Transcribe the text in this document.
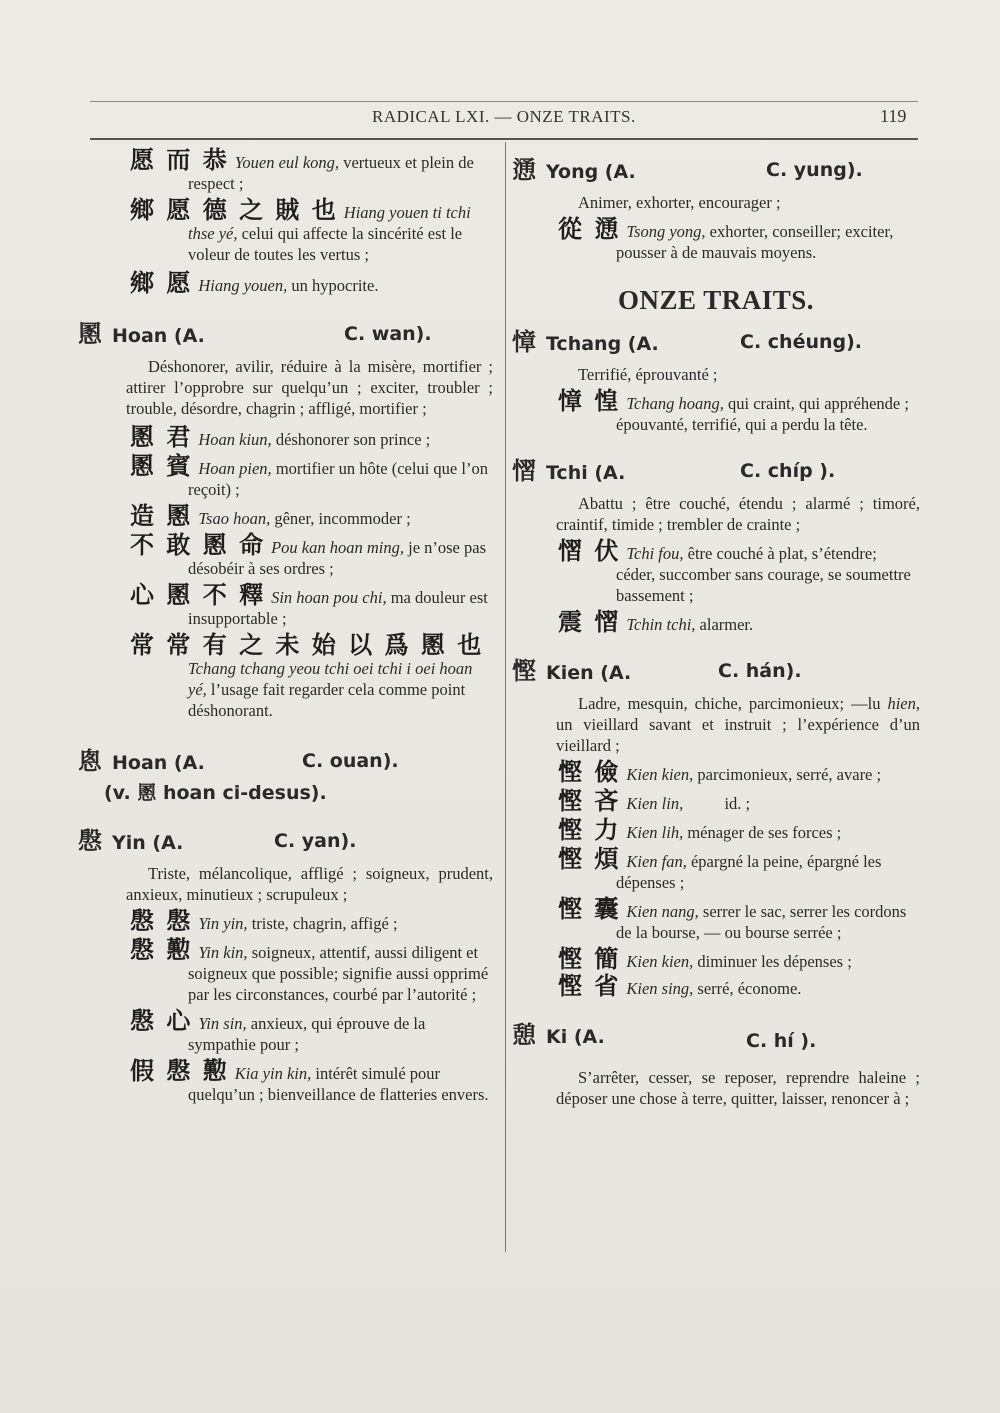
RADICAL LXI. — ONZE TRAITS.	119

愿 而 恭 Youen eul kong, vertueux et plein de respect ;

鄉 愿 德 之 賊 也 Hiang youen ti tchi thse yé, celui qui affecte la sincérité est le voleur de toutes les vertus ;

鄉 愿 Hiang youen, un hypocrite.

慁 Hoan (A.	C. wan).

Déshonorer, avilir, réduire à la misère, mortifier ; attirer l’opprobre sur quelqu’un ; exciter, troubler ; trouble, désordre, chagrin ; affligé, mortifier ;

慁 君 Hoan kiun, déshonorer son prince ;

慁 賓 Hoan pien, mortifier un hôte (celui que l’on reçoit) ;

造 慁 Tsao hoan, gêner, incommoder ;

不 敢 慁 命 Pou kan hoan ming, je n’ose pas désobéir à ses ordres ;

心 慁 不 釋 Sin hoan pou chi, ma douleur est insupportable ;

常 常 有 之 未 始 以 爲 慁 也Tchang tchang yeou tchi oei tchi i oei hoan yé, l’usage fait regarder cela comme point déshonorant.

悤 Hoan (A.	C. ouan).
(v. 慁 hoan ci-desus).
慇 Yin (A.	C. yan).

Triste, mélancolique, affligé ; soigneux, prudent, anxieux, minutieux ; scrupuleux ;

慇 慇 Yin yin, triste, chagrin, affigé ;

慇 懃 Yin kin, soigneux, attentif, aussi diligent et soigneux que possible; signifie aussi opprimé par les circonstances, courbé par l’autorité ;

慇 心 Yin sin, anxieux, qui éprouve de la sympathie pour ;

假 慇 懃 Kia yin kin, intérêt simulé pour quelqu’un ; bienveillance de flatteries envers.

慂 Yong (A.	C. yung).

Animer, exhorter, encourager ;

從 慂 Tsong yong, exhorter, conseiller; exciter, pousser à de mauvais moyens.

ONZE TRAITS.
慞 Tchang (A.	C. chéung).

Terrifié, éprouvanté ;

慞 惶 Tchang hoang, qui craint, qui appréhende ; épouvanté, terrifié, qui a perdu la tête.

慴 Tchi (A.	C. chíp ).

Abattu ; être couché, étendu ; alarmé ; timoré, craintif, timide ; trembler de crainte ;

慴 伏 Tchi fou, être couché à plat, s’étendre; céder, succomber sans courage, se soumettre bassement ;

震 慴 Tchin tchi, alarmer.

慳 Kien (A.	C. hán).

Ladre, mesquin, chiche, parcimonieux; —lu hien, un vieillard savant et instruit ; l’expérience d’un vieillard ;

慳 儉 Kien kien, parcimonieux, serré, avare ;

慳 吝 Kien lin,          id. ;

慳 力 Kien lih, ménager de ses forces ;

慳 煩 Kien fan, épargné la peine, épargné les dépenses ;

慳 囊 Kien nang, serrer le sac, serrer les cordons de la bourse, — ou bourse serrée ;

慳 簡 Kien kien, diminuer les dépenses ;

慳 省 Kien sing, serré, économe.

憩 Ki (A.	C. hí ).

S’arrêter, cesser, se reposer, reprendre haleine ; déposer une chose à terre, quitter, laisser, renoncer à ;
